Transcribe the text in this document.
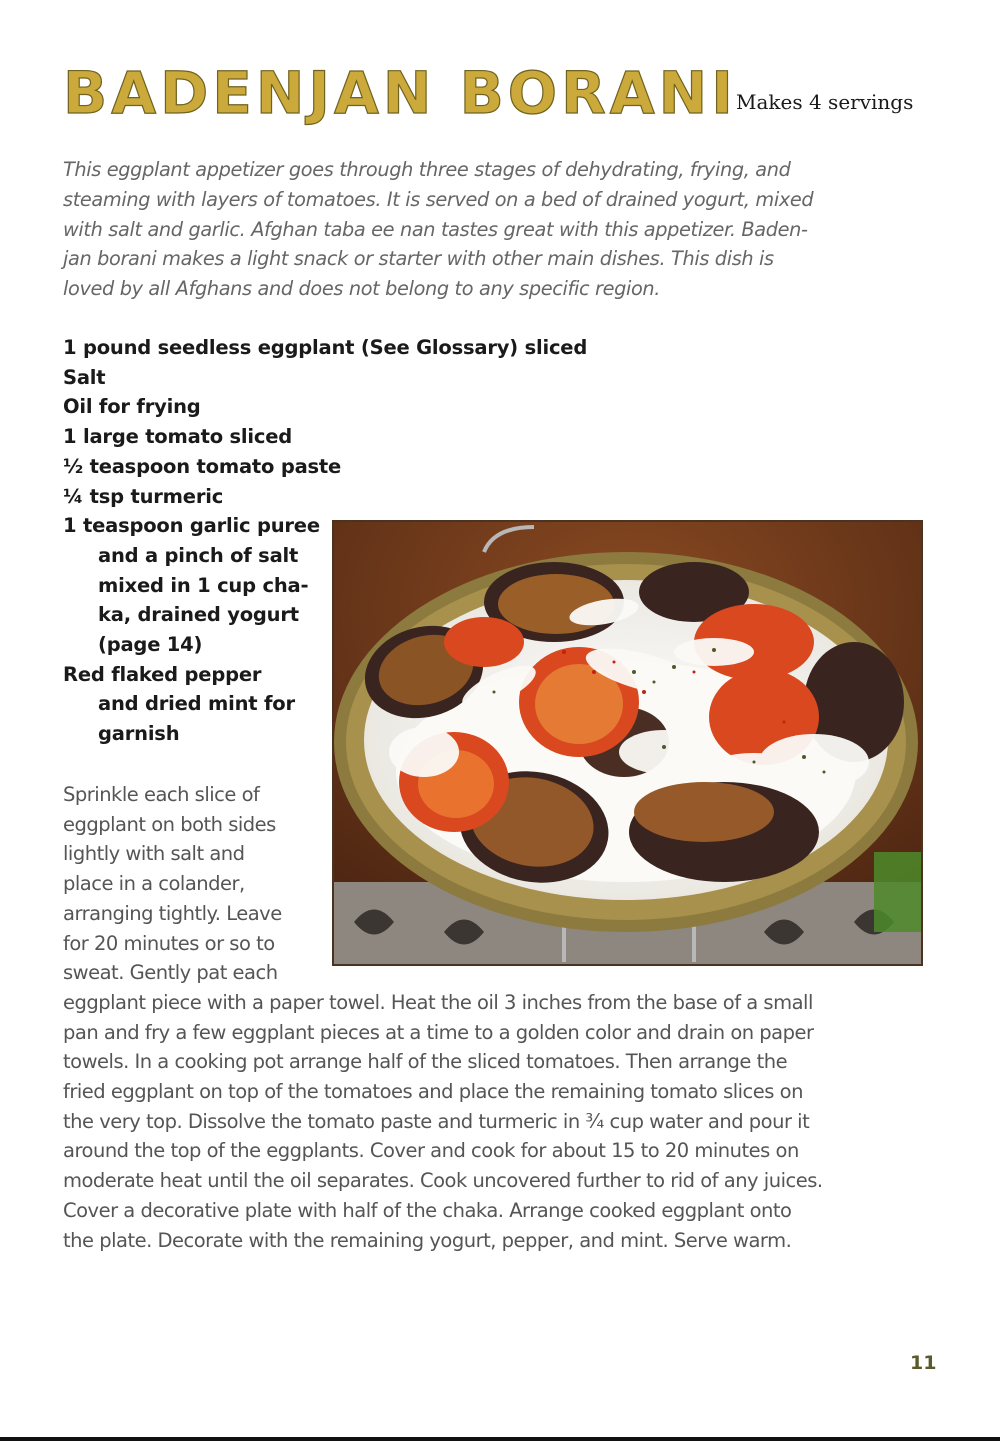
BADENJAN BORANI Makes 4 servings

This eggplant appetizer goes through three stages of dehydrating, frying, and
steaming with layers of tomatoes. It is served on a bed of drained yogurt, mixed
with salt and garlic. Afghan taba ee nan tastes great with this appetizer. Baden-
jan borani makes a light snack or starter with other main dishes. This dish is
loved by all Afghans and does not belong to any specific region.

1 pound seedless eggplant (See Glossary) sliced
Salt
Oil for frying
1 large tomato sliced
½ teaspoon tomato paste
¼ tsp turmeric
1 teaspoon garlic puree
and a pinch of salt
mixed in 1 cup cha-
ka, drained yogurt
(page 14)
Red flaked pepper
and dried mint for
garnish

Sprinkle each slice of
eggplant on both sides
lightly with salt and
place in a colander,
arranging tightly. Leave
for 20 minutes or so to
sweat. Gently pat each
eggplant piece with a paper towel. Heat the oil 3 inches from the base of a small
pan and fry a few eggplant pieces at a time to a golden color and drain on paper
towels. In a cooking pot arrange half of the sliced tomatoes. Then arrange the
fried eggplant on top of the tomatoes and place the remaining tomato slices on
the very top. Dissolve the tomato paste and turmeric in ¾ cup water and pour it
around the top of the eggplants. Cover and cook for about 15 to 20 minutes on
moderate heat until the oil separates. Cook uncovered further to rid of any juices.
Cover a decorative plate with half of the chaka. Arrange cooked eggplant onto
the plate. Decorate with the remaining yogurt, pepper, and mint. Serve warm.

11
